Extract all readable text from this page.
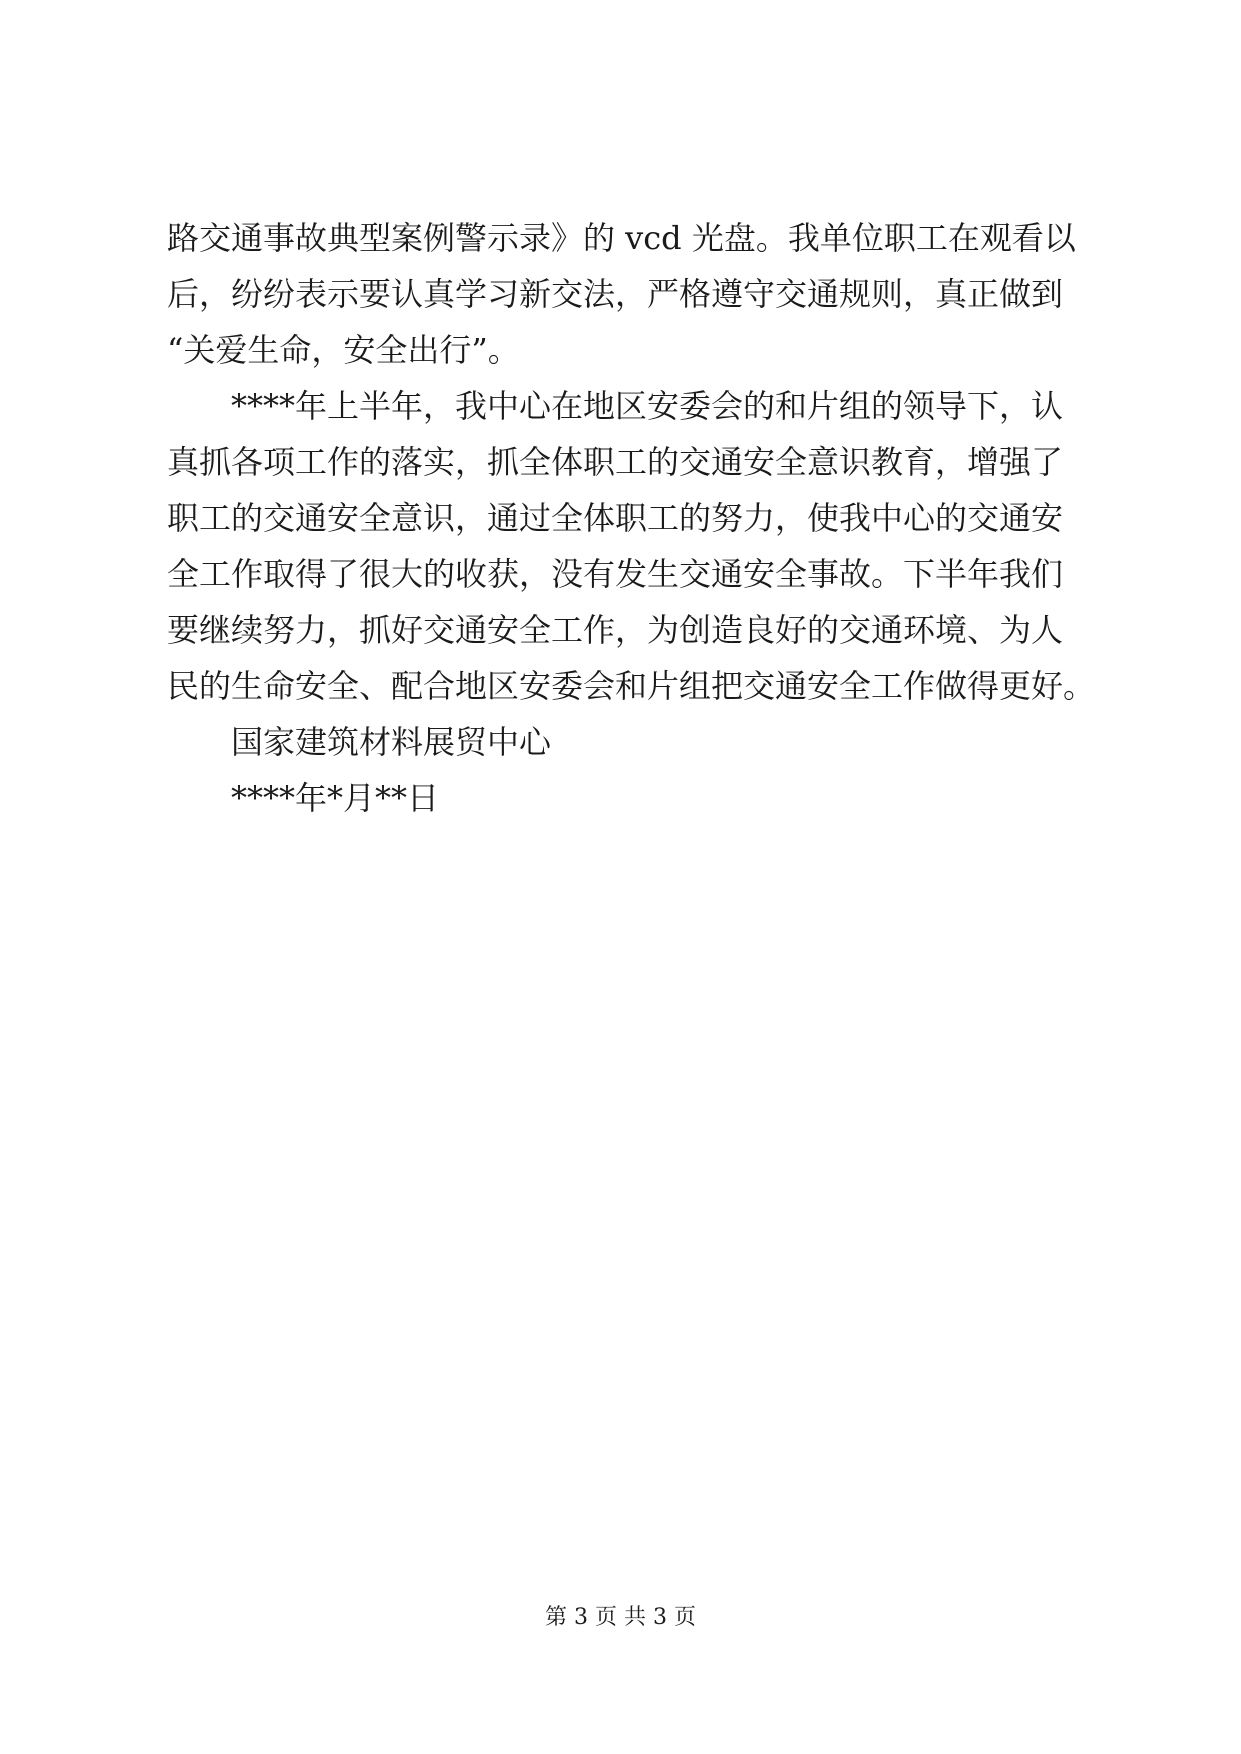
路交通事故典型案例警示录》的 vcd 光盘。我单位职工在观看以
后，纷纷表示要认真学习新交法，严格遵守交通规则，真正做到
“关爱生命，安全出行”。
****年上半年，我中心在地区安委会的和片组的领导下，认
真抓各项工作的落实，抓全体职工的交通安全意识教育，增强了
职工的交通安全意识，通过全体职工的努力，使我中心的交通安
全工作取得了很大的收获，没有发生交通安全事故。下半年我们
要继续努力，抓好交通安全工作，为创造良好的交通环境、为人
民的生命安全、配合地区安委会和片组把交通安全工作做得更好。
国家建筑材料展贸中心
****年*月**日
第 3 页 共 3 页
